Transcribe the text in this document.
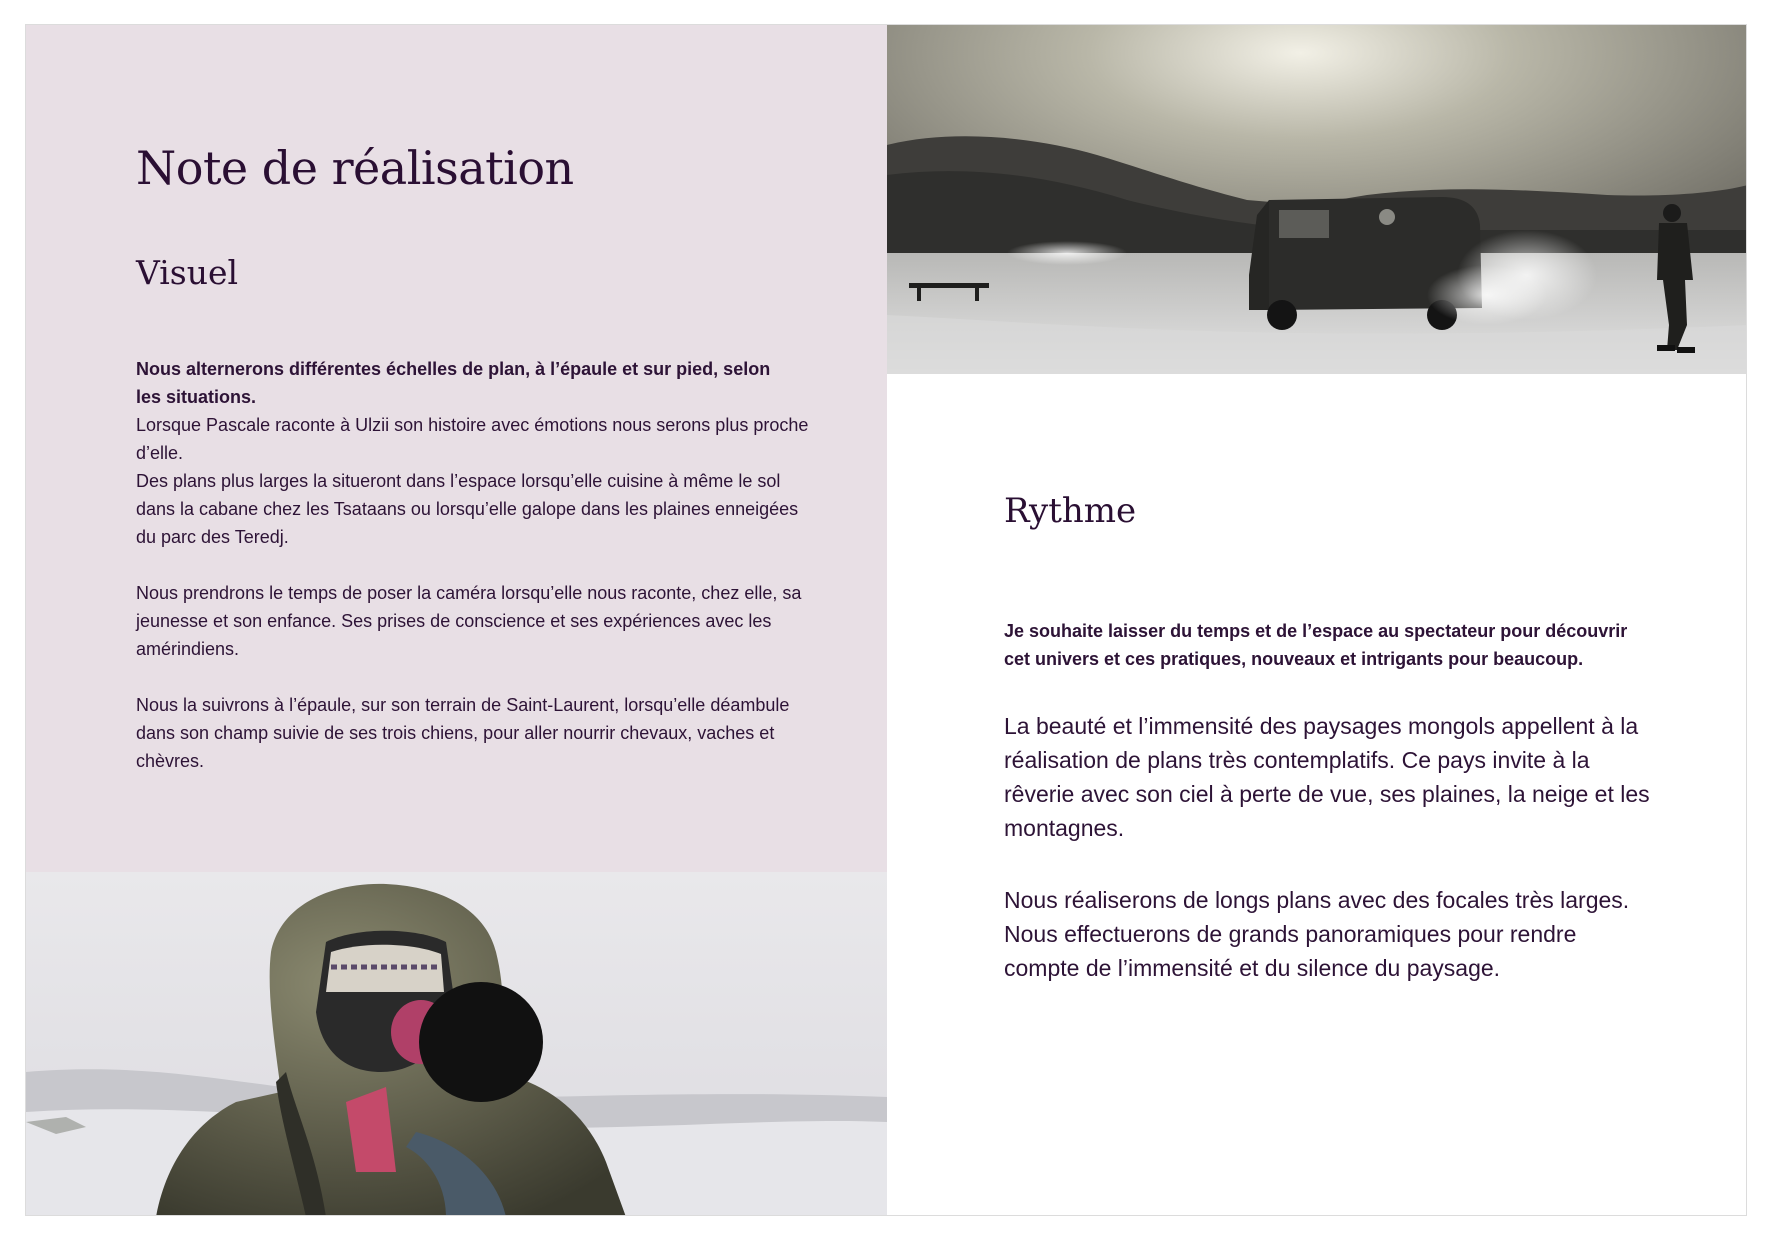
Note de réalisation
Visuel

Nous alternerons différentes échelles de plan, à l’épaule et sur pied, selon les situations.

Lorsque Pascale raconte à Ulzii son histoire avec émotions nous serons plus proche d’elle.

Des plans plus larges la situeront dans l’espace lorsqu’elle cuisine à même le sol dans la cabane chez les Tsataans ou lorsqu’elle galope dans les plaines enneigées du parc des Teredj.

Nous prendrons le temps de poser la caméra lorsqu’elle nous raconte, chez elle, sa jeunesse et son enfance. Ses prises de conscience et ses expériences avec les amérindiens.

Nous la suivrons à l’épaule, sur son terrain de Saint-Laurent, lorsqu’elle déambule dans son champ suivie de ses trois chiens, pour aller nourrir chevaux, vaches et chèvres.

Rythme

Je souhaite laisser du temps et de l’espace au spectateur pour découvrir cet univers et ces pratiques, nouveaux et intrigants pour beaucoup.

La beauté et l’immensité des paysages mongols appellent à la réalisation de plans très contemplatifs. Ce pays invite à la rêverie avec son ciel à perte de vue, ses plaines, la neige et les montagnes.

Nous réaliserons de longs plans avec des focales très larges. Nous effectuerons de grands panoramiques pour rendre compte de l’immensité et du silence du paysage.
